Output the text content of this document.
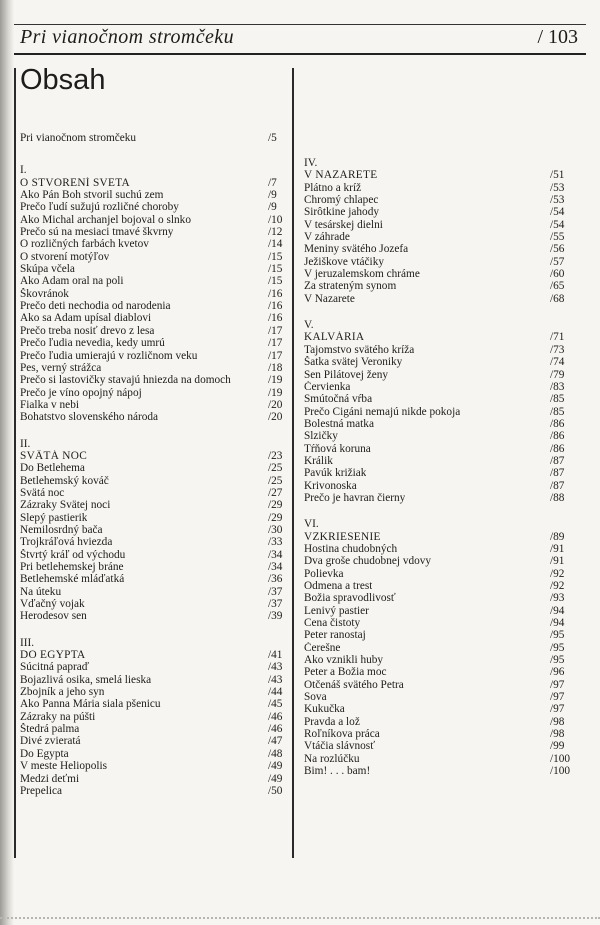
Pri vianočnom stromčeku	/ 103
Obsah
Pri vianočnom stromčeku	/5
I.
O STVORENÍ SVETA	/7
Ako Pán Boh stvoril suchú zem	/9
Prečo ľudí sužujú rozličné choroby	/9
Ako Michal archanjel bojoval o slnko	/10
Prečo sú na mesiaci tmavé škvrny	/12
O rozličných farbách kvetov	/14
O stvorení motýľov	/15
Skúpa včela	/15
Ako Adam oral na poli	/15
Škovránok	/16
Prečo deti nechodia od narodenia	/16
Ako sa Adam upísal diablovi	/16
Prečo treba nosiť drevo z lesa	/17
Prečo ľudia nevedia, kedy umrú	/17
Prečo ľudia umierajú v rozličnom veku	/17
Pes, verný strážca	/18
Prečo si lastovičky stavajú hniezda na domoch	/19
Prečo je víno opojný nápoj	/19
Fialka v nebi	/20
Bohatstvo slovenského národa	/20
II.
SVÄTÁ NOC	/23
Do Betlehema	/25
Betlehemský kováč	/25
Svätá noc	/27
Zázraky Svätej noci	/29
Slepý pastierik	/29
Nemilosrdný bača	/30
Trojkráľová hviezda	/33
Štvrtý kráľ od východu	/34
Pri betlehemskej bráne	/34
Betlehemské mláďatká	/36
Na úteku	/37
Vďačný vojak	/37
Herodesov sen	/39
III.
DO EGYPTA	/41
Súcitná papraď	/43
Bojazlivá osika, smelá lieska	/43
Zbojník a jeho syn	/44
Ako Panna Mária siala pšenicu	/45
Zázraky na púšti	/46
Štedrá palma	/46
Divé zvieratá	/47
Do Egypta	/48
V meste Heliopolis	/49
Medzi deťmi	/49
Prepelica	/50
IV.
V NAZARETE	/51
Plátno a kríž	/53
Chromý chlapec	/53
Sirôtkine jahody	/54
V tesárskej dielni	/54
V záhrade	/55
Meniny svätého Jozefa	/56
Ježiškove vtáčiky	/57
V jeruzalemskom chráme	/60
Za strateným synom	/65
V Nazarete	/68
V.
KALVÁRIA	/71
Tajomstvo svätého kríža	/73
Šatka svätej Veroniky	/74
Sen Pilátovej ženy	/79
Červienka	/83
Smútočná vŕba	/85
Prečo Cigáni nemajú nikde pokoja	/85
Bolestná matka	/86
Slzičky	/86
Tŕňová koruna	/86
Králik	/87
Pavúk križiak	/87
Krivonoska	/87
Prečo je havran čierny	/88
VI.
VZKRIESENIE	/89
Hostina chudobných	/91
Dva groše chudobnej vdovy	/91
Polievka	/92
Odmena a trest	/92
Božia spravodlivosť	/93
Lenivý pastier	/94
Cena čistoty	/94
Peter ranostaj	/95
Čerešne	/95
Ako vznikli huby	/95
Peter a Božia moc	/96
Otčenáš svätého Petra	/97
Sova	/97
Kukučka	/97
Pravda a lož	/98
Roľníkova práca	/98
Vtáčia slávnosť	/99
Na rozlúčku	/100
Bim! . . . bam!	/100
